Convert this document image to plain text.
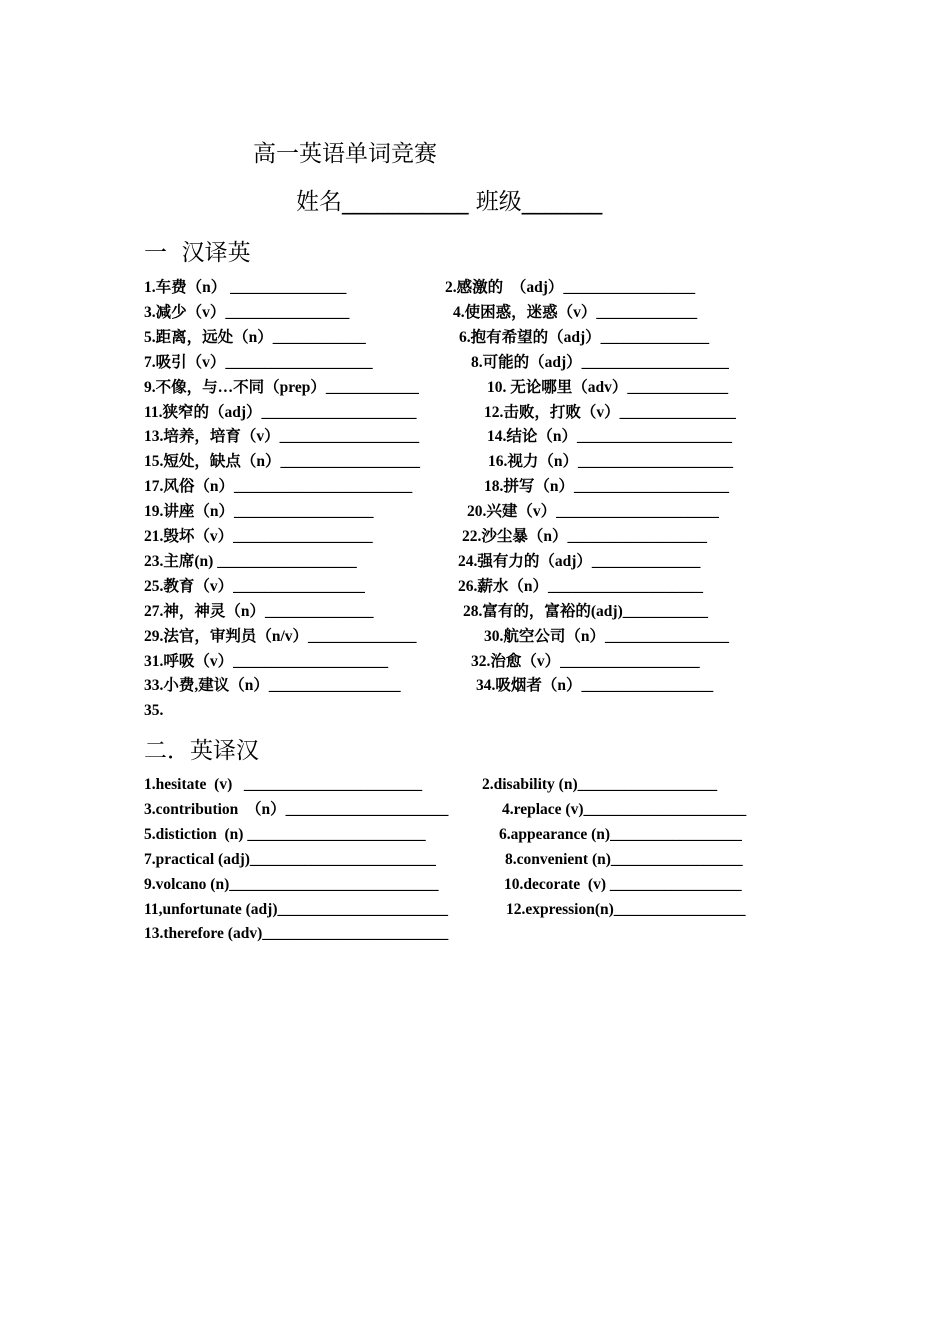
高一英语单词竞赛
姓名___________ 班级_______
一  汉译英
1.车费（n） _______________	2.感激的  （adj）_________________
3.减少（v）________________	4.使困惑，迷惑（v）_____________
5.距离，远处（n）____________	6.抱有希望的（adj）______________
7.吸引（v）___________________	8.可能的（adj）___________________
9.不像，与…不同（prep）____________	10. 无论哪里（adv）_____________
11.狭窄的（adj）____________________	12.击败，打败（v）_______________
13.培养，培育（v）__________________	14.结论（n）____________________
15.短处，缺点（n）__________________	16.视力（n）____________________
17.风俗（n）_______________________	18.拼写（n）____________________
19.讲座（n）__________________	20.兴建（v）_____________________
21.毁坏（v）__________________	22.沙尘暴（n）__________________
23.主席(n) __________________	24.强有力的（adj）______________
25.教育（v）_________________	26.薪水（n）____________________
27.神，神灵（n）______________	28.富有的，富裕的(adj)___________
29.法官，审判员（n/v）______________	30.航空公司（n）________________
31.呼吸（v）____________________	32.治愈（v）__________________
33.小费,建议（n）_________________	34.吸烟者（n）_________________
35.
二．英译汉
1.hesitate  (v)   _______________________	2.disability (n)__________________
3.contribution  （n）_____________________	4.replace (v)_____________________
5.distiction  (n) _______________________	6.appearance (n)_________________
7.practical (adj)________________________	8.convenient (n)_________________
9.volcano (n)___________________________	10.decorate  (v) _________________
11,unfortunate (adj)______________________	12.expression(n)_________________
13.therefore (adv)________________________
